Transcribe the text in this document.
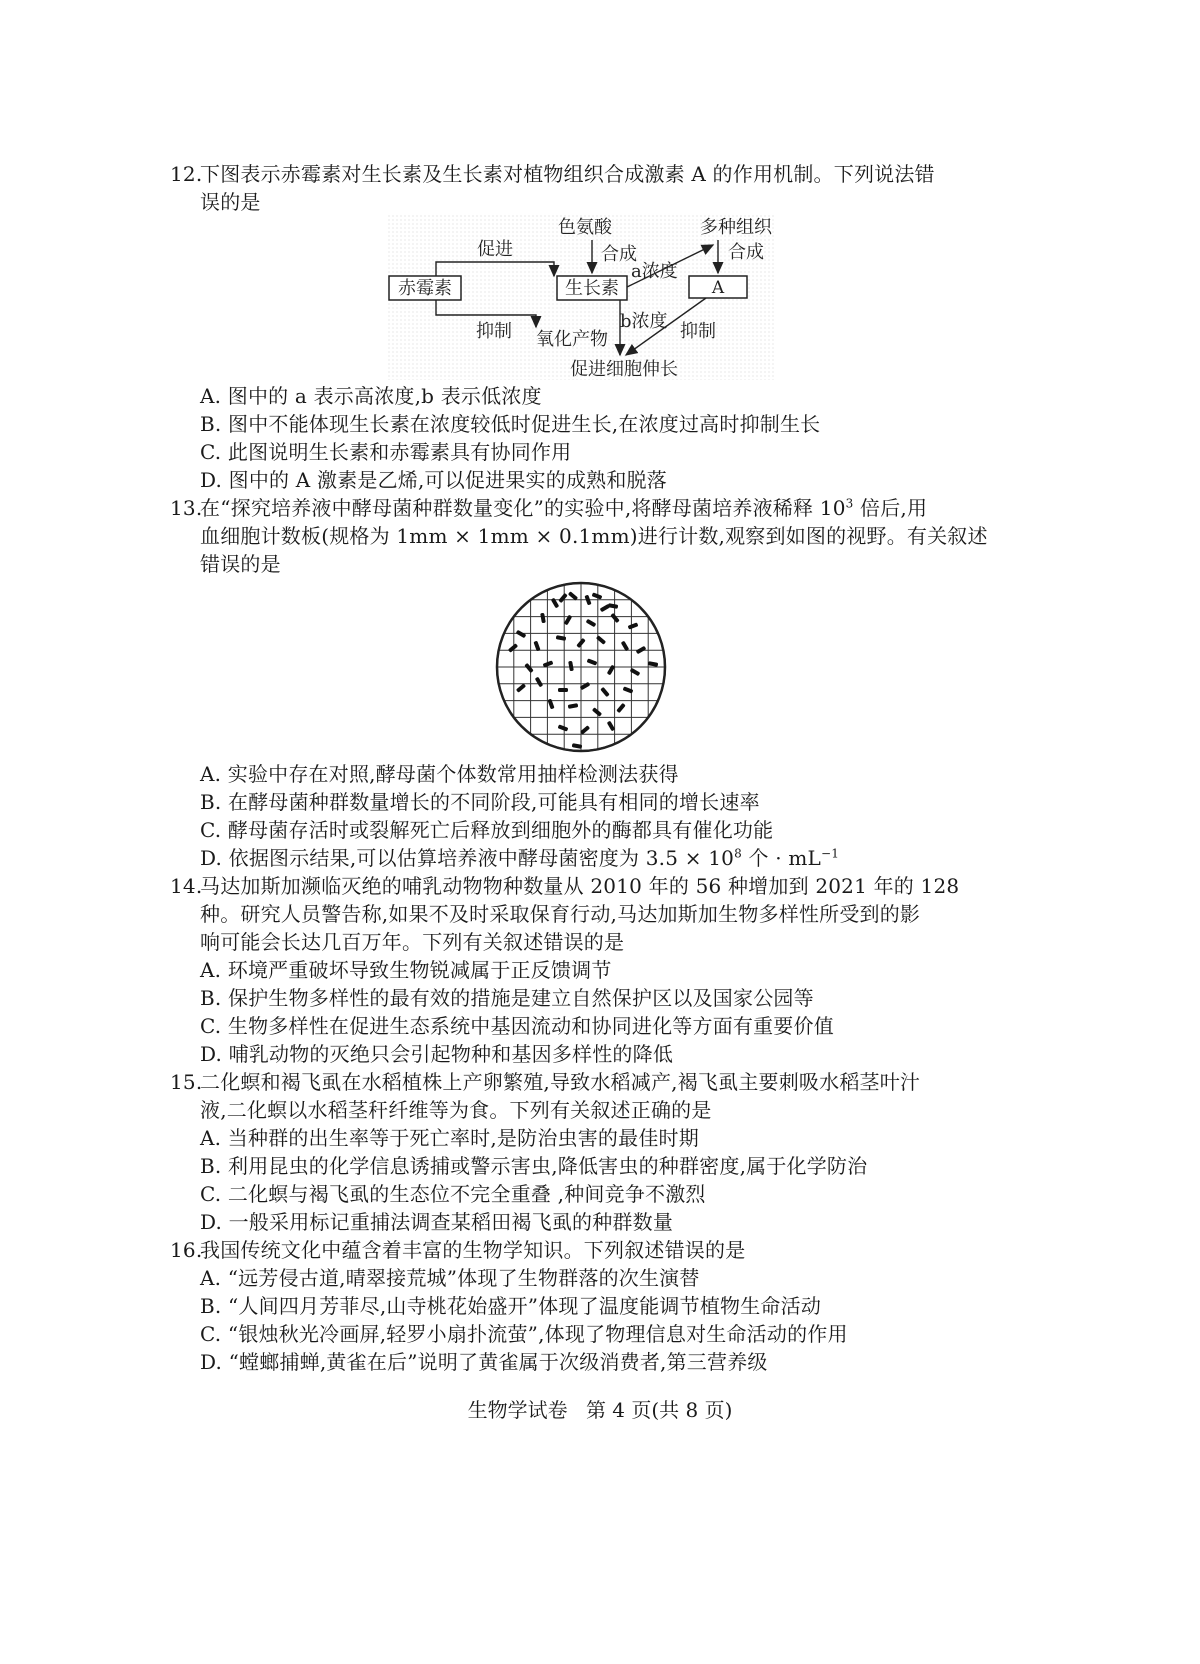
12.下图表示赤霉素对生长素及生长素对植物组织合成激素 A 的作用机制。下列说法错
误的是
赤霉素	生长素	A
色氨酸	多种组织
合成	合成
促进
a浓度
抑制	b浓度 抑制
氧化产物
促进细胞伸长
A. 图中的 a 表示高浓度,b 表示低浓度
B. 图中不能体现生长素在浓度较低时促进生长,在浓度过高时抑制生长
C. 此图说明生长素和赤霉素具有协同作用
D. 图中的 A 激素是乙烯,可以促进果实的成熟和脱落
13.在“探究培养液中酵母菌种群数量变化”的实验中,将酵母菌培养液稀释 $10^3$ 倍后,用
血细胞计数板(规格为 1mm × 1mm × 0.1mm)进行计数,观察到如图的视野。有关叙述
错误的是
A. 实验中存在对照,酵母菌个体数常用抽样检测法获得
B. 在酵母菌种群数量增长的不同阶段,可能具有相同的增长速率
C. 酵母菌存活时或裂解死亡后释放到细胞外的酶都具有催化功能
D. 依据图示结果,可以估算培养液中酵母菌密度为 $3.5 \times 10^8$ 个 · $mL^{-1}$
14.马达加斯加濒临灭绝的哺乳动物物种数量从 2010 年的 56 种增加到 2021 年的 128
种。研究人员警告称,如果不及时采取保育行动,马达加斯加生物多样性所受到的影
响可能会长达几百万年。下列有关叙述错误的是
A. 环境严重破坏导致生物锐减属于正反馈调节
B. 保护生物多样性的最有效的措施是建立自然保护区以及国家公园等
C. 生物多样性在促进生态系统中基因流动和协同进化等方面有重要价值
D. 哺乳动物的灭绝只会引起物种和基因多样性的降低
15.二化螟和褐飞虱在水稻植株上产卵繁殖,导致水稻减产,褐飞虱主要刺吸水稻茎叶汁
液,二化螟以水稻茎秆纤维等为食。下列有关叙述正确的是
A. 当种群的出生率等于死亡率时,是防治虫害的最佳时期
B. 利用昆虫的化学信息诱捕或警示害虫,降低害虫的种群密度,属于化学防治
C. 二化螟与褐飞虱的生态位不完全重叠 ,种间竞争不激烈
D. 一般采用标记重捕法调查某稻田褐飞虱的种群数量
16.我国传统文化中蕴含着丰富的生物学知识。下列叙述错误的是
A. “远芳侵古道,晴翠接荒城”体现了生物群落的次生演替
B. “人间四月芳菲尽,山寺桃花始盛开”体现了温度能调节植物生命活动
C. “银烛秋光冷画屏,轻罗小扇扑流萤”,体现了物理信息对生命活动的作用
D. “螳螂捕蝉,黄雀在后”说明了黄雀属于次级消费者,第三营养级
生物学试卷 第 4 页(共 8 页)
